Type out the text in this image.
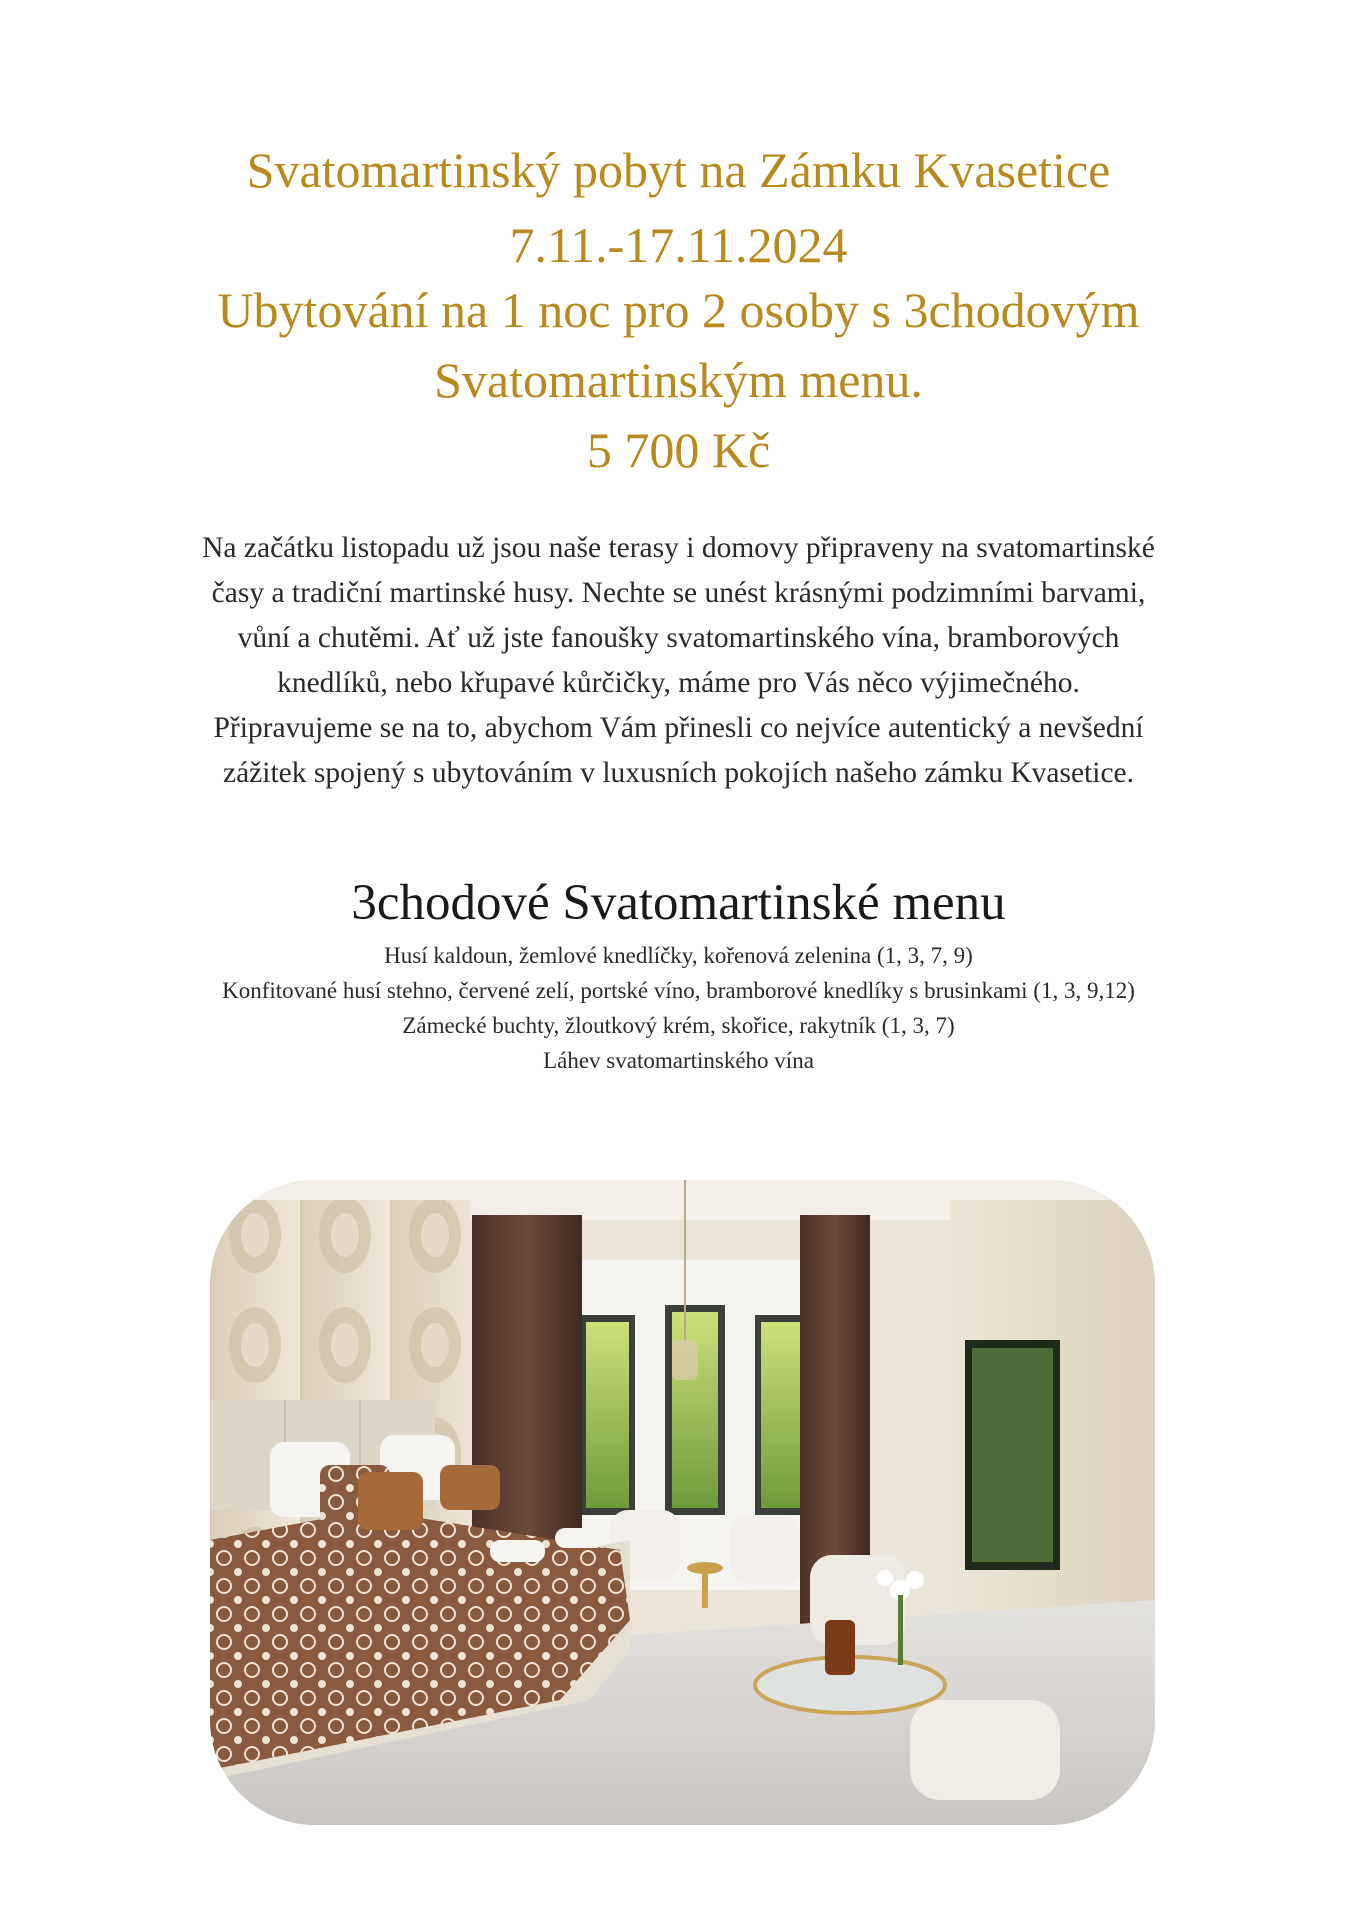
Svatomartinský pobyt na Zámku Kvasetice
7.11.-17.11.2024
Ubytování na 1 noc pro 2 osoby s 3chodovým
Svatomartinským menu.
5 700 Kč
Na začátku listopadu už jsou naše terasy i domovy připraveny na svatomartinské
časy a tradiční martinské husy. Nechte se unést krásnými podzimními barvami,
vůní a chutěmi. Ať už jste fanoušky svatomartinského vína, bramborových
knedlíků, nebo křupavé kůrčičky, máme pro Vás něco výjimečného.
Připravujeme se na to, abychom Vám přinesli co nejvíce autentický a nevšední
zážitek spojený s ubytováním v luxusních pokojích našeho zámku Kvasetice.
3chodové Svatomartinské menu
Husí kaldoun, žemlové knedlíčky, kořenová zelenina (1, 3, 7, 9)
Konfitované husí stehno, červené zelí, portské víno, bramborové knedlíky s brusinkami (1, 3, 9,12)
Zámecké buchty, žloutkový krém, skořice, rakytník (1, 3, 7)
Láhev svatomartinského vína
